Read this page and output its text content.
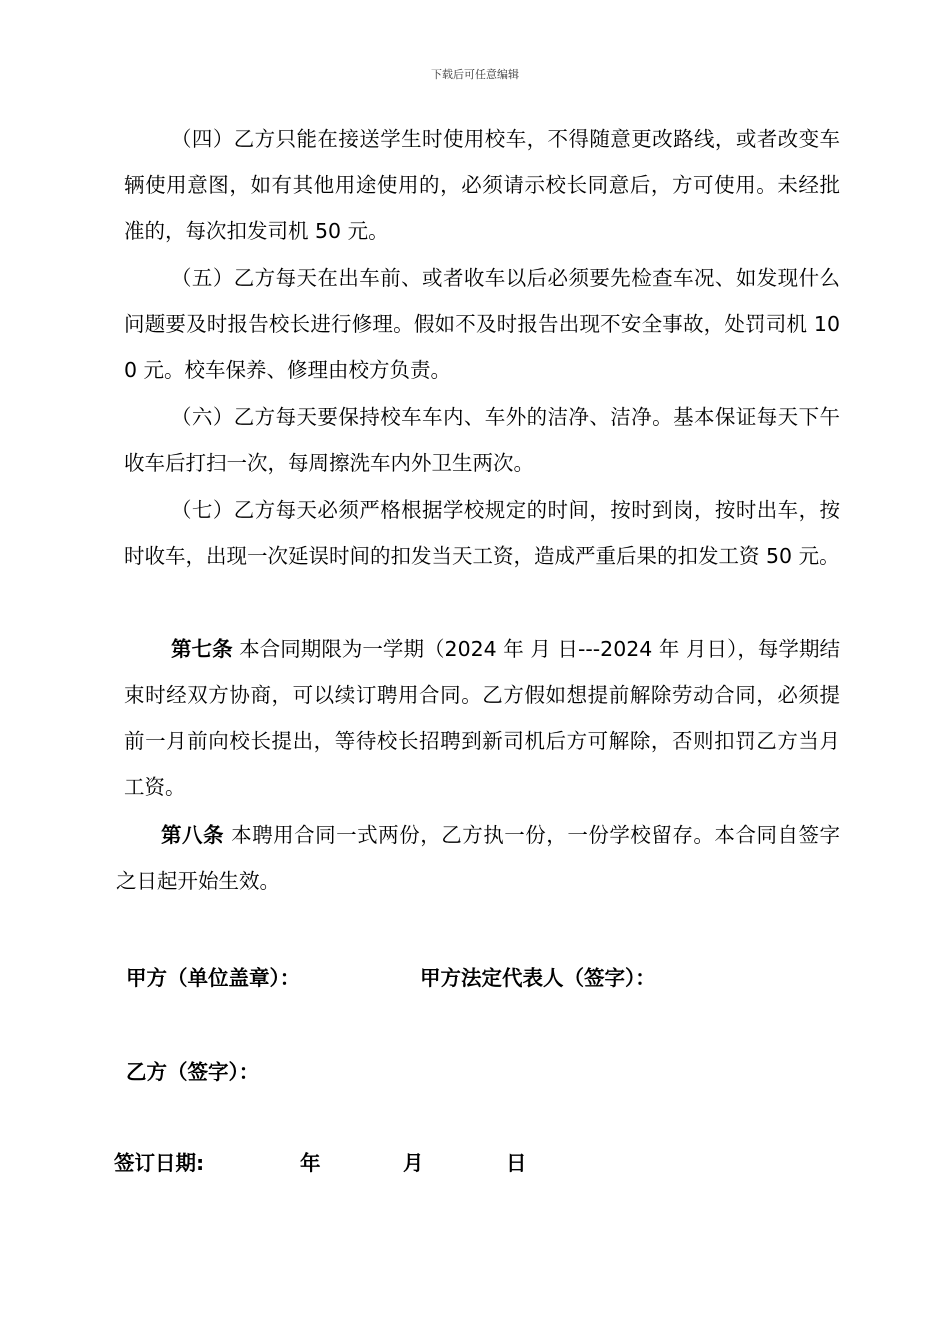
下载后可任意编辑

（四）乙方只能在接送学生时使用校车，不得随意更改路线，或者改变车辆使用意图，如有其他用途使用的，必须请示校长同意后，方可使用。未经批准的，每次扣发司机 50 元。

（五）乙方每天在出车前、或者收车以后必须要先检查车况、如发现什么问题要及时报告校长进行修理。假如不及时报告出现不安全事故，处罚司机 100 元。校车保养、修理由校方负责。

（六）乙方每天要保持校车车内、车外的洁净、洁净。基本保证每天下午收车后打扫一次，每周擦洗车内外卫生两次。

（七）乙方每天必须严格根据学校规定的时间，按时到岗，按时出车，按时收车，出现一次延误时间的扣发当天工资，造成严重后果的扣发工资 50 元。

第七条 本合同期限为一学期（2024 年 月 日---2024 年 月日），每学期结束时经双方协商，可以续订聘用合同。乙方假如想提前解除劳动合同，必须提前一月前向校长提出，等待校长招聘到新司机后方可解除，否则扣罚乙方当月工资。

第八条 本聘用合同一式两份，乙方执一份，一份学校留存。本合同自签字之日起开始生效。

甲方（单位盖章）：	甲方法定代表人（签字）：
乙方（签字）：
签订日期:	年	月	日
